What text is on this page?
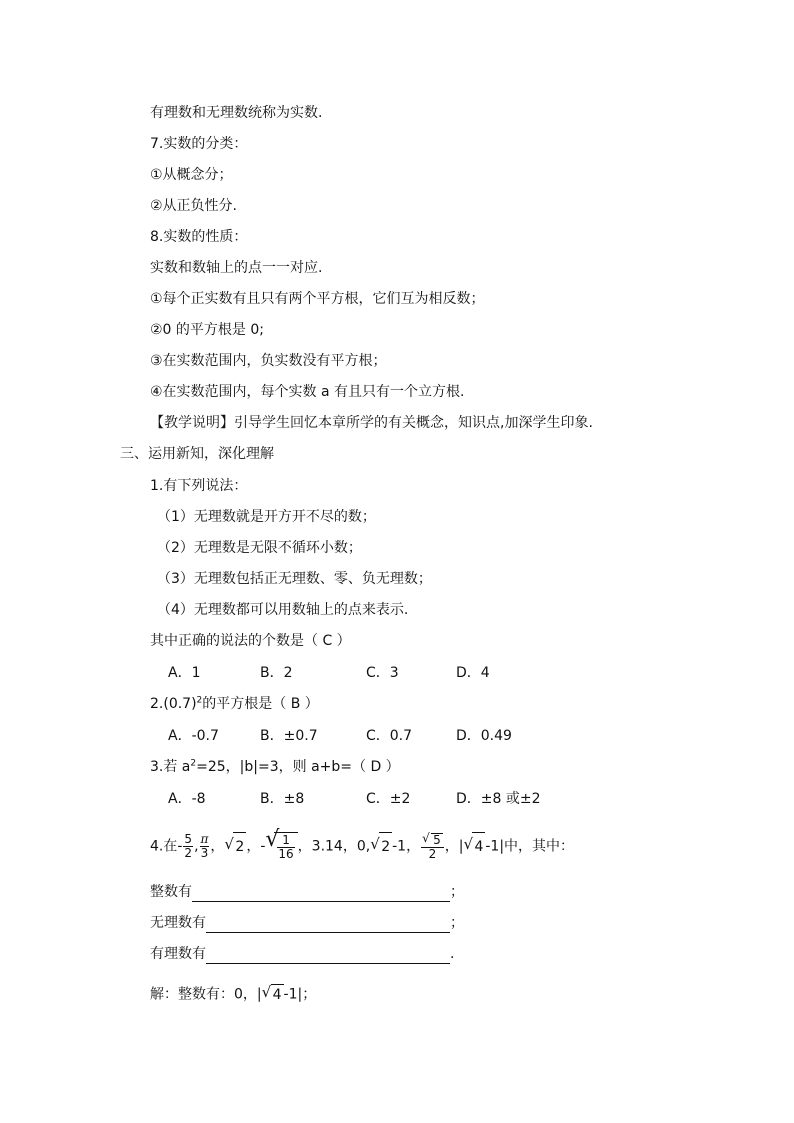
有理数和无理数统称为实数.
7.实数的分类：
①从概念分；
②从正负性分.
8.实数的性质：
实数和数轴上的点一一对应.
①每个正实数有且只有两个平方根，它们互为相反数；
②0 的平方根是 0;
③在实数范围内，负实数没有平方根；
④在实数范围内，每个实数 a 有且只有一个立方根.
【教学说明】引导学生回忆本章所学的有关概念，知识点,加深学生印象.
三、运用新知，深化理解
1.有下列说法：
（1）无理数就是开方开不尽的数；
（2）无理数是无限不循环小数；
（3）无理数包括正无理数、零、负无理数；
（4）无理数都可以用数轴上的点来表示.
其中正确的说法的个数是（ C ）
A．1	B．2	C．3	D．4
$2.(0.7)^2$的平方根是（ B ）
A．-0.7	B．±0.7	C．0.7	D．0.49
3.若 $a^2=25$，|b|=3，则 a+b=（ D ）
A．-8	B．±8	C．±2	D．±8 或±2
4.在- $\frac{5}{2}$ , $\frac{\pi}{3}$ ， √ 2 ，- √
$\frac{1}{16}$ ，3.14，0, √ 2 -1， $\frac{√ 5}{2}$ ，| √ 4 -1|中，其中：
整数有	；
无理数有	；
有理数有	.
解：整数有：0，| √ 4 -1|；
